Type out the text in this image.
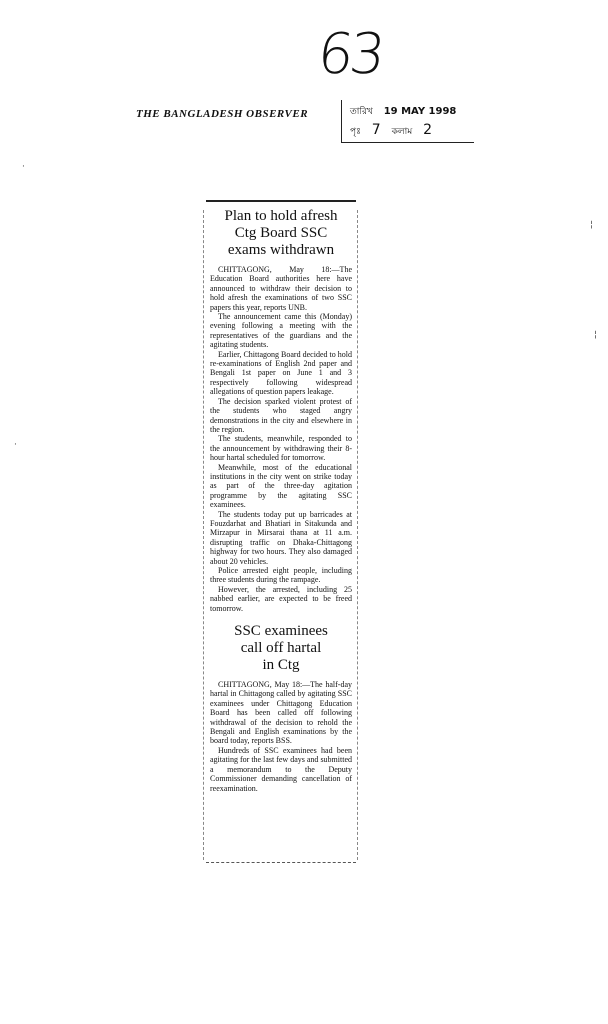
63
THE BANGLADESH OBSERVER	তারিখ 19 MAY 1998
পৃঃ 7 কলাম 2
Plan to hold afresh
Ctg Board SSC
exams withdrawn

CHITTAGONG, May 18:—The Education Board authorities here have announced to withdraw their decision to hold afresh the examinations of two SSC papers this year, reports UNB.

The announcement came this (Monday) evening following a meeting with the representatives of the guardians and the agitating students.

Earlier, Chittagong Board decided to hold re-examinations of English 2nd paper and Bengali 1st paper on June 1 and 3 respectively following widespread allegations of question papers leakage.

The decision sparked violent protest of the students who staged angry demonstrations in the city and elsewhere in the region.

The students, meanwhile, responded to the announcement by withdrawing their 8-hour hartal scheduled for tomorrow.

Meanwhile, most of the educational institutions in the city went on strike today as part of the three-day agitation programme by the agitating SSC examinees.

The students today put up barricades at Fouzdarhat and Bhatiari in Sitakunda and Mirzapur in Mirsarai thana at 11 a.m. disrupting traffic on Dhaka-Chittagong highway for two hours. They also damaged about 20 vehicles.

Police arrested eight people, including three students during the rampage.

However, the arrested, including 25 nabbed earlier, are expected to be freed tomorrow.

SSC examinees
call off hartal
in Ctg

CHITTAGONG, May 18:—The half-day hartal in Chittagong called by agitating SSC examinees under Chittagong Education Board has been called off following withdrawal of the decision to rehold the Bengali and English examinations by the board today, reports BSS.

Hundreds of SSC examinees had been agitating for the last few days and submitted a memorandum to the Deputy Commissioner demanding cancellation of reexamination.

·
·
¦
¦
